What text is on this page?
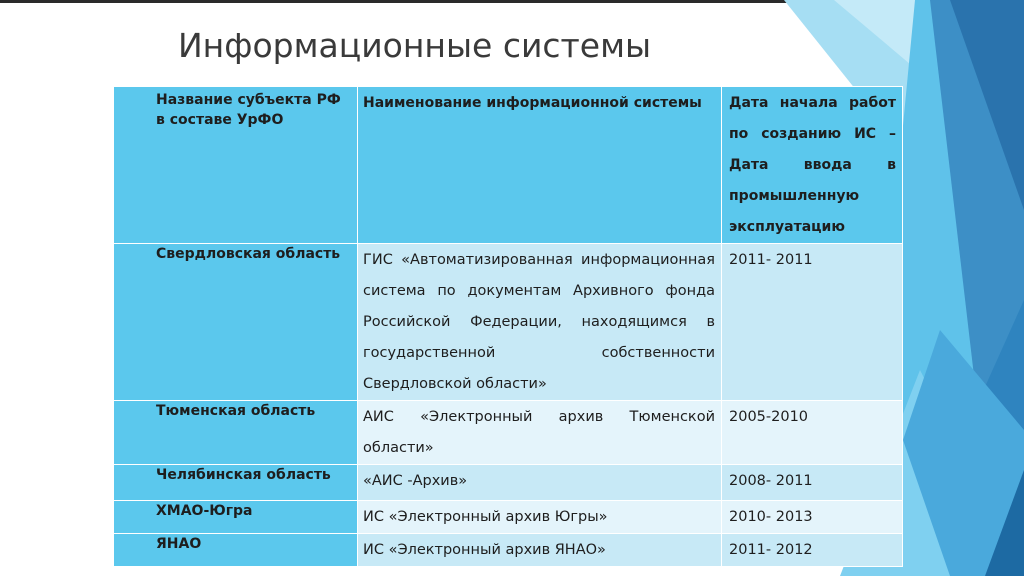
Информационные системы
Название субъекта РФ в составе УрФО	Наименование информационной системы	Дата начала работ по созданию ИС – Дата ввода в промышленную эксплуатацию
Свердловская область	ГИС «Автоматизированная информационная система по документам Архивного фонда Российской Федерации, находящимся в государственной собственности Свердловской области»	2011- 2011
Тюменская область	АИС «Электронный архив Тюменской области»	2005-2010
Челябинская область	«АИС -Архив»	2008- 2011
ХМАО-Югра	ИС «Электронный архив Югры»	2010- 2013
ЯНАО	ИС «Электронный архив ЯНАО»	2011- 2012
